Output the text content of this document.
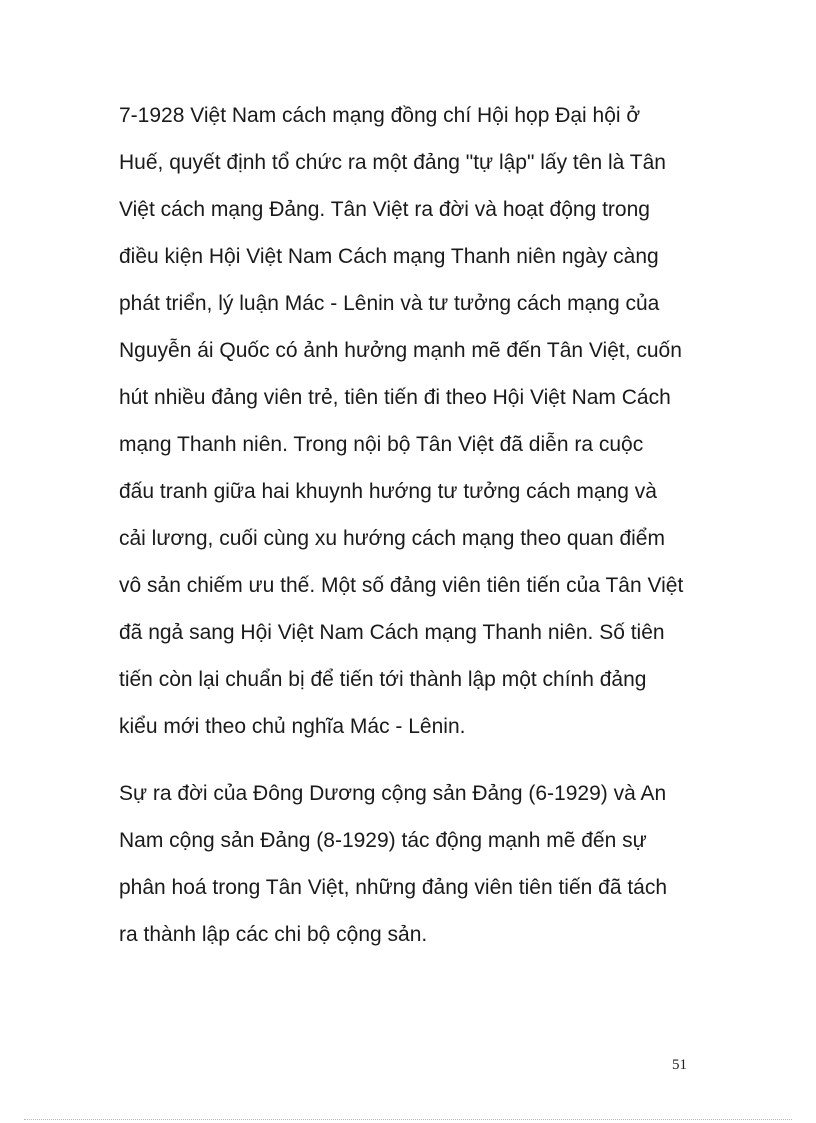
7-1928 Việt Nam cách mạng đồng chí Hội họp Đại hội ở
Huế, quyết định tổ chức ra một đảng "tự lập" lấy tên là Tân
Việt cách mạng Đảng. Tân Việt ra đời và hoạt động trong
điều kiện Hội Việt Nam Cách mạng Thanh niên ngày càng
phát triển, lý luận Mác - Lênin và tư tưởng cách mạng của
Nguyễn ái Quốc có ảnh hưởng mạnh mẽ đến Tân Việt, cuốn
hút nhiều đảng viên trẻ, tiên tiến đi theo Hội Việt Nam Cách
mạng Thanh niên. Trong nội bộ Tân Việt đã diễn ra cuộc
đấu tranh giữa hai khuynh hướng tư tưởng cách mạng và
cải lương, cuối cùng xu hướng cách mạng theo quan điểm
vô sản chiếm ưu thế. Một số đảng viên tiên tiến của Tân Việt
đã ngả sang Hội Việt Nam Cách mạng Thanh niên. Số tiên
tiến còn lại chuẩn bị để tiến tới thành lập một chính đảng
kiểu mới theo chủ nghĩa Mác - Lênin.

Sự ra đời của Đông Dương cộng sản Đảng (6-1929) và An
Nam cộng sản Đảng (8-1929) tác động mạnh mẽ đến sự
phân hoá trong Tân Việt, những đảng viên tiên tiến đã tách
ra thành lập các chi bộ cộng sản.

51
